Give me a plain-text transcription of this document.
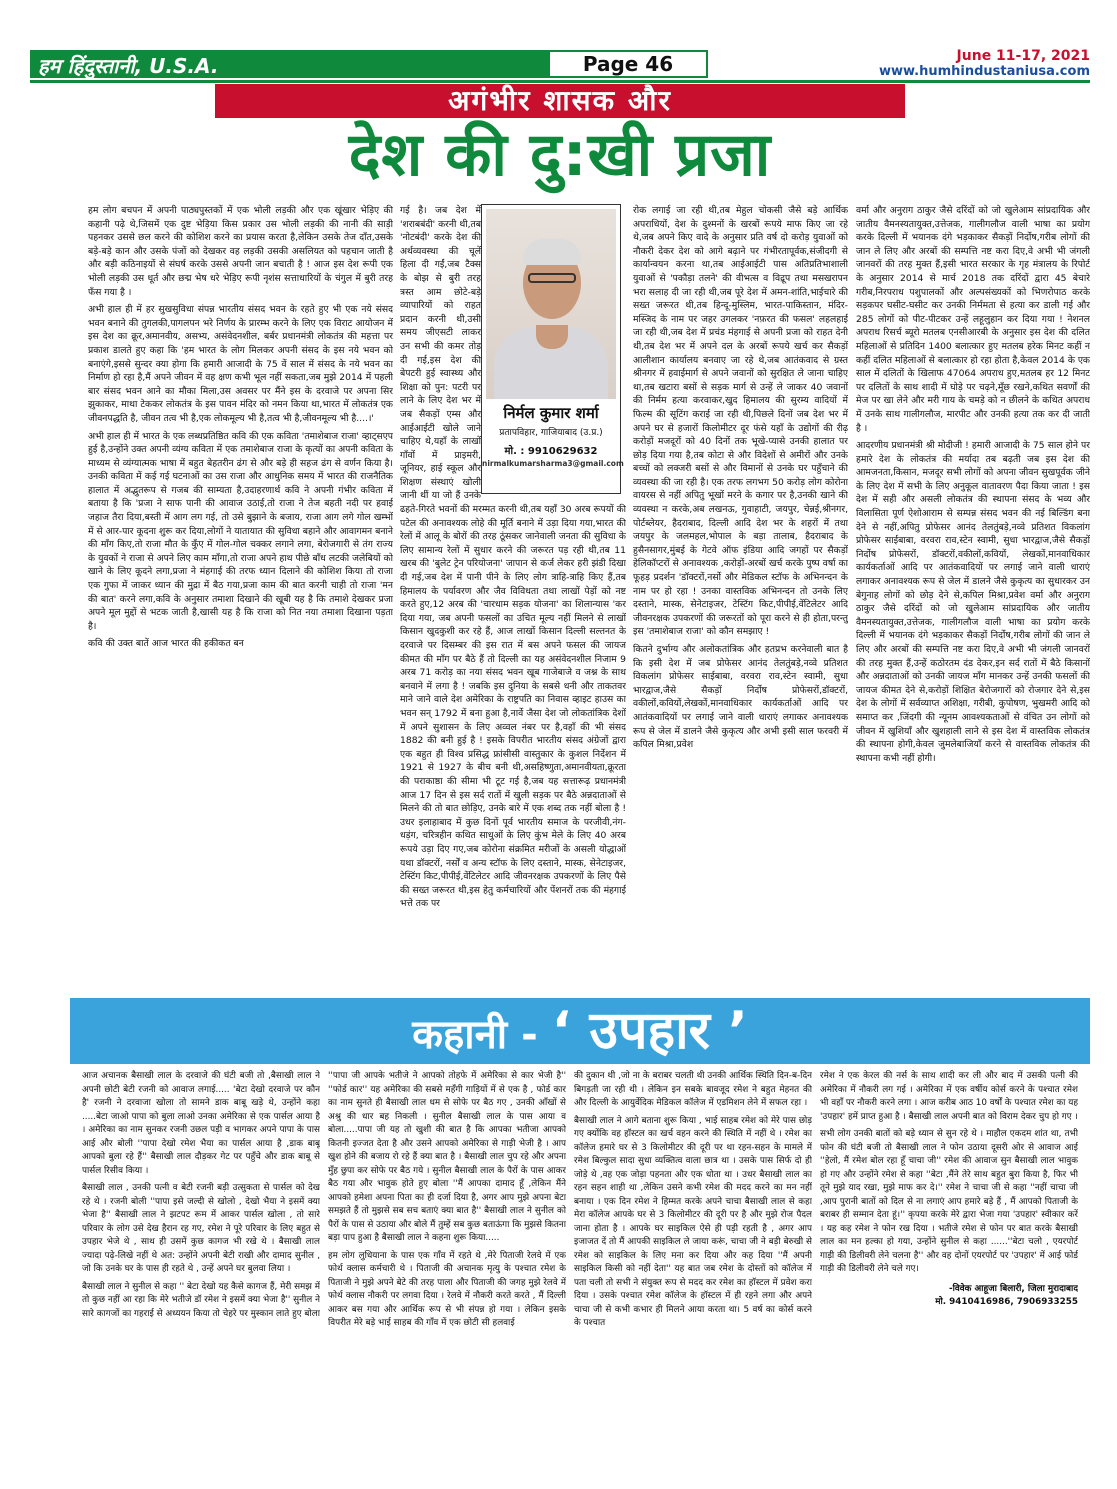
हम हिंदुस्तानी, U.S.A.	Page 46	June 11-17, 2021
www.humhindustaniusa.com
अगंभीर शासक और
देश की दु:खी प्रजा

हम लोग बचपन में अपनी पाठ्यपुस्तकों में एक भोली लड़की और एक खूंखार भेड़िए की कहानी पढ़े थे,जिसमें एक दुष्ट भेड़िया किस प्रकार उस भोली लड़की की नानी की साड़ी पहनकर उससे छल करने की कोशिश करने का प्रयास करता है,लेकिन उसके तेज दाँत,उसके बड़े-बड़े कान और उसके पंजों को देखकर वह लड़की उसकी असलियत को पहचान जाती है और बड़ी कठिनाइयों से संघर्ष करके उससे अपनी जान बचाती है ! आज इस देश रूपी एक भोली लड़की उस धूर्त और छद्म भेष धरे भेड़िए रूपी नृशंस सत्ताधारियों के चंगुल में बुरी तरह फँस गया है ।

अभी हाल ही में हर सुखसुविधा संपन्न भारतीय संसद भवन के रहते हुए भी एक नये संसद भवन बनाने की तुगलकी,पागलपन भरे निर्णय के प्रारम्भ करने के लिए एक विराट आयोजन में इस देश का क्रूर,अमानवीय, असभ्य, असंवेदनशील, बर्बर प्रधानमंत्री लोकतंत्र की महत्ता पर प्रकाश डालते हुए कहा कि 'हम भारत के लोग मिलकर अपनी संसद के इस नये भवन को बनाएंगे,इससे सुन्दर क्या होगा कि हमारी आजादी के 75 वें साल में संसद के नये भवन का निर्माण हो रहा है,मैं अपने जीवन में वह क्षण कभी भूल नहीं सकता,जब मुझे 2014 में पहली बार संसद भवन आने का मौका मिला,उस अवसर पर मैंने इस के दरवाजे पर अपना सिर झुकाकर, माथा टेककर लोकतंत्र के इस पावन मंदिर को नमन किया था,भारत में लोकतंत्र एक जीवनपद्धति है, जीवन तत्व भी है,एक लोकमूल्य भी है,तत्व भी है,जीवनमूल्य भी है....।'

अभी हाल ही में भारत के एक लब्धप्रतिष्ठित कवि की एक कविता 'तमाशेबाज राजा' व्हाट्सएप हुई है,उन्होंने उक्त अपनी व्यंग्य कविता में एक तमाशेबाज राजा के कृत्यों का अपनी कविता के माध्यम से व्यंग्यात्मक भाषा में बहुत बेहतरीन ढंग से और बड़े ही सहज ढंग से वर्णन किया है। उनकी कविता में कई गई घटनाओं का उस राजा और आधुनिक समय में भारत की राजनैतिक हालात में अद्भुतरूप से गजब की साम्यता है,उदाहरणार्थ कवि ने अपनी गंभीर कविता में बताया है कि 'प्रजा ने साफ पानी की आवाज उठाई,तो राजा ने तेज बहती नदी पर हवाई जहाज तैरा दिया,बस्ती में आग लग गई, तो उसे बुझाने के बजाय, राजा आग लगे गोल खम्भों में से आर-पार कूदना शुरू कर दिया,लोगों ने यातायात की सुविधा बहाने और आवागमन बनाने की माँग किए,तो राजा मौत के कुँए में गोल-गोल चक्कर लगाने लगा, बेरोजगारी से तंग राज्य के युवकों ने राजा से अपने लिए काम माँगा,तो राजा अपने हाथ पीछे बाँध लटकी जलेबियों को खाने के लिए कूदने लगा,प्रजा ने मंहगाई की तरफ ध्यान दिलाने की कोशिश किया तो राजा एक गुफा में जाकर ध्यान की मुद्रा में बैठ गया,प्रजा काम की बात करनी चाही तो राजा 'मन की बात' करने लगा,कवि के अनुसार तमाशा दिखाने की खूबी यह है कि तमाशे देखकर प्रजा अपने मूल मुद्दों से भटक जाती है,खासी यह है कि राजा को नित नया तमाशा दिखाना पड़ता है।

कवि की उक्त बातें आज भारत की हकीकत बन

गई है। जब देश में 'शराबबंदी' करनी थी,तब 'नोटबंदी' करके देश की अर्थव्यवस्था की चूलें हिला दी गईं,जब टैक्स के बोझ से बुरी तरह त्रस्त आम छोटे-बड़े व्यापारियों को राहत प्रदान करनी थी,उसी समय जीएसटी लाकर उन सभी की कमर तोड़ दी गई,इस देश की बेपटरी हुई स्वास्थ्य और शिक्षा को पुन: पटरी पर लाने के लिए देश भर में जब सैकड़ों एम्स और आईआईटी खोले जाने चाहिए थे,यहाँ के लाखों गाँवों में प्राइमरी, जूनियर, हाई स्कूल और शिक्षण संस्थाएं खोली जानी थीं या जो हैं उनके ढहते-गिरते भवनों की मरम्मत करनी थी,तब यहाँ 30 अरब रूपयों की पटेल की अनावश्यक लोहे की मूर्ति बनाने में उड़ा दिया गया,भारत की रेलों में आलू के बोरों की तरह ठूंसकर जानेवाली जनता की सुविधा के लिए सामान्य रेलों में सुधार करने की जरूरत पड़ रही थी,तब 11 खरब की 'बुलेट ट्रेन परियोजना' जापान से कर्ज लेकर हरी झंडी दिखा दी गई,जब देश में पानी पीने के लिए लोग त्राहि-त्राहि किए हैं,तब हिमालय के पर्यावरण और जैव विविधता तथा लाखों पेड़ों को नष्ट करते हुए,12 अरब की 'चारधाम सड़क योजना' का शिलान्यास 'कर दिया गया, जब अपनी फसलों का उचित मूल्य नहीं मिलने से लाखों किसान खुदकुशी कर रहे हैं, आज लाखों किसान दिल्ली सल्तनत के दरवाजे पर दिसम्बर की इस रात में बस अपने फसल की जायज कीमत की माँग पर बैठे हैं तो दिल्ली का यह असंवेदनशील निजाम 9 अरब 71 करोड़ का नया संसद भवन खूब गाजेबाजे व जश्न के साथ बनवाने में लगा है ! जबकि इस दुनिया के सबसे धनी और ताकतवर माने जाने वाले देश अमेरिका के राष्ट्रपति का निवास व्हाइट हाउस का भवन सन् 1792 में बना हुआ है,नार्वे जैसा देश जो लोकतांत्रिक देशों में अपने सुशासन के लिए अव्वल नंबर पर है,वहाँ की भी संसद 1882 की बनी हुई है ! इसके विपरीत भारतीय संसद अंग्रेजों द्वारा एक बहुत ही विश्व प्रसिद्ध फ्रांसीसी वास्तुकार के कुशल निर्देशन में 1921 से 1927 के बीच बनी थी,असहिष्णुता,अमानवीयता,क्रूरता की पराकाष्ठा की सीमा भी टूट गई है,जब यह सत्तारूढ़ प्रधानमंत्री आज 17 दिन से इस सर्द रातों में खुली सड़क पर बैठे अन्नदाताओं से मिलने की तो बात छोड़िए, उनके बारे में एक शब्द तक नहीं बोला है ! उधर इलाहाबाद में कुछ दिनों पूर्व भारतीय समाज के परजीवी,नंग-धड़ंग, चरित्रहीन कथित साधुओं के लिए कुंभ मेले के लिए 40 अरब रूपये उड़ा दिए गए,जब कोरोना संक्रमित मरीजों के असली योद्धाओं यथा डॉक्टरों, नर्सों व अन्य स्टॉफ के लिए दस्ताने, मास्क, सेनेटाइजर, टेस्टिंग किट,पीपीई,वेंटिलेटर आदि जीवनरक्षक उपकरणों के लिए पैसे की सख्त जरूरत थी,इस हेतु कर्मचारियों और पेंशनरों तक की मंहगाई भत्ते तक पर

निर्मल कुमार शर्मा
प्रतापविहार, गाजियाबाद (उ.प्र.)
मो. : 9910629632
nirmalkumarsharma3@gmail.com

रोक लगाई जा रही थी,तब मेहुल चोकसी जैसे बड़े आर्थिक अपराधियों, देश के दुश्मनों के खरबों रूपये माफ किए जा रहे थे,जब अपने किए वादे के अनुसार प्रति वर्ष दो करोड़ युवाओं को नौकरी देकर देश को आगे बढ़ाने पर गंभीरतापूर्वक,संजीदगी से कार्यान्वयन करना था,तब आईआईटी पास अतिप्रतिभाशाली युवाओं से 'पकौड़ा तलने' की वीभत्स व विद्रूप तथा मसखरापन भरा सलाह दी जा रही थी,जब पूरे देश में अमन-शांति,भाईचारे की सख्त जरूरत थी,तब हिन्दू-मुस्लिम, भारत-पाकिस्तान, मंदिर-मस्जिद के नाम पर जहर उगलकर 'नफ़रत की फसल' लहलहाई जा रही थी,जब देश में प्रचंड मंहगाई से अपनी प्रजा को राहत देनी थी,तब देश भर में अपने दल के अरबों रूपये खर्च कर सैकड़ों आलीशान कार्यालय बनवाए जा रहे थे,जब आतंकवाद से ग्रस्त श्रीनगर में हवाईमार्ग से अपने जवानों को सुरक्षित ले जाना चाहिए था,तब खटारा बसों से सड़क मार्ग से उन्हें ले जाकर 40 जवानों की निर्मम हत्या करवाकर,खुद हिमालय की सुरम्य वादियों में फिल्म की सूटिंग कराई जा रही थी,पिछले दिनों जब देश भर में अपने घर से हजारों किलोमीटर दूर फंसे यहाँ के उद्योगों की रीढ़ करोड़ों मजदूरों को 40 दिनों तक भूखे-प्यासे उनकी हालात पर छोड़ दिया गया है,तब कोटा से और विदेशों से अमीरों और उनके बच्चों को लक्जरी बसों से और विमानों से उनके घर पहुँचाने की व्यवस्था की जा रही है। एक तरफ लगभग 50 करोड़ लोग कोरोना वायरस से नहीं अपितु भूखों मरने के कगार पर है,उनकी खाने की व्यवस्था न करके,अब लखनऊ, गुवाहाटी, जयपुर, चेन्नई,श्रीनगर, पोर्टब्लेयर, हैदराबाद, दिल्ली आदि देश भर के शहरों में तथा जयपुर के जलमहल,भोपाल के बड़ा तालाब, हैदराबाद के हुसैनसागर,मुंबई के गेटवे ऑफ इंडिया आदि जगहों पर सैकड़ों हेलिकॉप्टरों से अनावश्यक ,करोड़ों-अरबों खर्च करके पुष्प वर्षा का फूहड़ प्रदर्शन 'डॉक्टरों,नर्सो और मेडिकल स्टॉफ के अभिनन्दन के नाम पर हो रहा ! उनका वास्तविक अभिनन्दन तो उनके लिए दस्ताने, मास्क, सेनेटाइजर, टेस्टिंग किट,पीपीई,वेंटिलेटर आदि जीवनरक्षक उपकरणों की जरूरतों को पूरा करने से ही होता,परन्तु इस 'तमाशेबाज राजा' को कौन समझाए !

कितने दुर्भाग्य और अलोकतांत्रिक और हतप्रभ करनेवाली बात है कि इसी देश में जब प्रोफेसर आनंद तेलतुंबड़े,नव्वे प्रतिशत विकलांग प्रोफेसर साईबाबा, वरवरा राव,स्टेन स्वामी, सुधा भारद्वाज,जैसे सैकड़ों निर्दोष प्रोफेसरों,डॉक्टरों, वकीलों,कवियों,लेखकों,मानवाधिकार कार्यकर्ताओं आदि पर आतंकवादियों पर लगाई जाने वाली धाराएं लगाकर अनावश्यक रूप से जेल में डालने जैसे कुकृत्य और अभी इसी साल फरवरी में कपिल मिश्रा,प्रवेश

वर्मा और अनुराग ठाकुर जैसे दरिंदों को जो खुलेआम सांप्रदायिक और जातीय वैमनस्यतायुक्त,उत्तेजक, गालीगलौज वाली भाषा का प्रयोग करके दिल्ली में भयानक दंगे भड़काकर सैकड़ों निर्दोष,गरीब लोगों की जान ले लिए और अरबों की सम्पत्ति नष्ट करा दिए,वे अभी भी जंगली जानवरों की तरह मुक्त हैं,इसी भारत सरकार के गृह मंत्रालय के रिपोर्ट के अनुसार 2014 से मार्च 2018 तक दरिंदों द्वारा 45 बेचारे गरीब,निरपराध पशुपालकों और अल्पसंख्यकों को भिणरोपाठ करके सड़कपर घसीट-घसीट कर उनकी निर्ममता से हत्या कर डाली गई और 285 लोगों को पीट-पीटकर उन्हें लहूलुहान कर दिया गया ! नेशनल अपराध रिसर्च ब्यूरो मतलब एनसीआरबी के अनुसार इस देश की दलित महिलाओं से प्रतिदिन 1400 बलात्कार हुए मतलब हरेक मिनट कहीं न कहीं दलित महिलाओं से बलात्कार हो रहा होता है,केवल 2014 के एक साल में दलितों के खिलाफ 47064 अपराध हुए,मतलब हर 12 मिनट पर दलितों के साथ शादी में घोड़े पर चढ़ने,मूँछ रखने,कथित सवर्णों की मेज पर खा लेने और मरी गाय के चमड़े को न छीलने के कथित अपराध में उनके साथ गालीगलौज, मारपीट और उनकी हत्या तक कर दी जाती है ।

आदरणीय प्रधानमंत्री श्री मोदीजी ! हमारी आजादी के 75 साल होने पर हमारे देश के लोकतंत्र की मर्यादा तब बढ़ती जब इस देश की आमजनता,किसान, मजदूर सभी लोगों को अपना जीवन सुखपूर्वक जीने के लिए देश में सभी के लिए अनुकूल वातावरण पैदा किया जाता ! इस देश में सही और असली लोकतंत्र की स्थापना संसद के भव्य और विलासिता पूर्ण ऐशोआराम से सम्पन्न संसद भवन की नई बिल्डिंग बना देने से नहीं,अपितु प्रोफेसर आनंद तेलतुंबड़े,नव्वे प्रतिशत विकलांग प्रोफेसर साईबाबा, वरवरा राव,स्टेन स्वामी, सुधा भारद्वाज,जैसे सैकड़ों निर्दोष प्रोफेसरों, डॉक्टरों,वकीलों,कवियों, लेखकों,मानवाधिकार कार्यकर्ताओं आदि पर आतंकवादियों पर लगाई जाने वाली धाराएं लगाकर अनावश्यक रूप से जेल में डालने जैसे कुकृत्य का सुधारकर उन बेगुनाह लोगों को छोड़ देने से,कपिल मिश्रा,प्रवेश वर्मा और अनुराग ठाकुर जैसे दरिंदों को जो खुलेआम सांप्रदायिक और जातीय वैमनस्यतायुक्त,उत्तेजक, गालीगलौज वाली भाषा का प्रयोग करके दिल्ली में भयानक दंगे भड़काकर सैकड़ों निर्दोष,गरीब लोगों की जान ले लिए और अरबों की सम्पत्ति नष्ट करा दिए,वे अभी भी जंगली जानवरों की तरह मुक्त हैं,उन्हें कठोरतम दंड देकर,इन सर्द रातों में बैठे किसानों और अन्नदाताओं को उनकी जायज माँग मानकर उन्हें उनकी फसलों की जायज कीमत देने से,करोड़ों शिक्षित बेरोजगारों को रोजगार देने से,इस देश के लोगों में सर्वव्याप्त अशिक्षा, गरीबी, कुपोषण, भुखमरी आदि को समाप्त कर ,जिंदगी की न्यूनम आवश्यकताओं से वंचित उन लोगों को जीवन में खुशियाँ और खुशहाली लाने से इस देश में वास्तविक लोकतंत्र की स्थापना होगी,केवल जुमलेबाजियाँ करने से वास्तविक लोकतंत्र की स्थापना कभी नहीं होगी।

कहानी - ‘ उपहार ’

आज अचानक बैसाखी लाल के दरवाजे की घंटी बजी तो ,बैसाखी लाल ने अपनी छोटी बेटी रजनी को आवाज लगाई..... 'बेटा देखो दरवाजे पर कौन है' रजनी ने दरवाजा खोला तो सामने डाक बाबू खड़े थे, उन्होंने कहा .....बेटा जाओ पापा को बुला लाओ उनका अमेरिका से एक पार्सल आया है । अमेरिका का नाम सुनकर रजनी उछल पड़ी व भागकर अपने पापा के पास आई और बोली ''पापा देखो रमेश भैया का पार्सल आया है ,डाक बाबू आपको बुला रहे हैं'' बैसाखी लाल दौड़कर गेट पर पहुँचे और डाक बाबू से पार्सल रिसीव किया ।

बैसाखी लाल , उनकी पत्नी व बेटी रजनी बड़ी उत्सुकता से पार्सल को देख रहे थे । रजनी बोली ''पापा इसे जल्दी से खोलो , देखो भैया ने इसमें क्या भेजा है'' बैसाखी लाल ने झटपट रूम में आकर पार्सल खोला , तो सारे परिवार के लोग उसे देख हैरान रह गए, रमेश ने पूरे परिवार के लिए बहुत से उपहार भेजे थे , साथ ही उसमें कुछ कागज भी रखे थे । बैसाखी लाल ज्यादा पढ़े-लिखे नहीं थे अत: उन्होंने अपनी बेटी राखी और दामाद सुनील , जो कि उनके घर के पास ही रहते थे , उन्हें अपने घर बुलवा लिया ।

बैसाखी लाल ने सुनील से कहा '' बेटा देखो यह कैसे कागज हैं, मेरी समझ में तो कुछ नहीं आ रहा कि मेरे भतीजे डॉ रमेश ने इसमें क्या भेजा है'' सुनील ने सारे कागजों का गहराई से अध्ययन किया तो चेहरे पर मुस्कान लाते हुए बोला

''पापा जी आपके भतीजे ने आपको तोहफे में अमेरिका से कार भेजी है'' ''फोर्ड कार'' यह अमेरिका की सबसे महँगी गाड़ियों में से एक है , फोर्ड कार का नाम सुनते ही बैसाखी लाल धम से सोफे पर बैठ गए , उनकी आँखों से अश्रु की धार बह निकली । सुनील बैसाखी लाल के पास आया व बोला.....पापा जी यह तो खुशी की बात है कि आपका भतीजा आपको कितनी इज्जत देता है और उसने आपको अमेरिका से गाड़ी भेजी है । आप खुश होने की बजाय रो रहे हैं क्या बात है । बैसाखी लाल चुप रहे और अपना मुँह छुपा कर सोफे पर बैठ गये । सुनील बैसाखी लाल के पैरों के पास आकर बैठ गया और भावुक होते हुए बोला ''मैं आपका दामाद हूँ ,लेकिन मैंने आपको हमेशा अपना पिता का ही दर्जा दिया है, अगर आप मुझे अपना बेटा समझते हैं तो मुझसे सब सच बताएं क्या बात है'' बैसाखी लाल ने सुनील को पैरों के पास से उठाया और बोले मैं तुम्हें सब कुछ बताऊंगा कि मुझसे कितना बड़ा पाप हुआ है बैसाखी लाल ने कहना शुरू किया.....

हम लोग लुधियाना के पास एक गाँव में रहते थे ,मेरे पिताजी रेलवे में एक फोर्थ क्लास कर्मचारी थे । पिताजी की अचानक मृत्यु के पश्चात रमेश के पिताजी ने मुझे अपने बेटे की तरह पाला और पिताजी की जगह मुझे रेलवे में फोर्थ क्लास नौकरी पर लगवा दिया । रेलवे में नौकरी करते करते , मैं दिल्ली आकर बस गया और आर्थिक रूप से भी संपन्न हो गया । लेकिन इसके विपरीत मेरे बड़े भाई साहब की गाँव में एक छोटी सी हलवाई

की दुकान थी ,जो ना के बराबर चलती थी उनकी आर्थिक स्थिति दिन-ब-दिन बिगड़ती जा रही थी । लेकिन इन सबके बावजूद रमेश ने बहुत मेहनत की और दिल्ली के आयुर्वेदिक मेडिकल कॉलेज में एडमिशन लेने में सफल रहा ।

बैसाखी लाल ने आगे बताना शुरू किया , भाई साहब रमेश को मेरे पास छोड़ गए क्योंकि वह हॉस्टल का खर्च वहन करने की स्थिति में नहीं थे । रमेश का कॉलेज हमारे घर से 3 किलोमीटर की दूरी पर था रहन-सहन के मामले में रमेश बिल्कुल सादा सुधा व्यक्तित्व वाला छात्र था । उसके पास सिर्फ दो ही जोड़े थे ,वह एक जोड़ा पहनता और एक धोता था । उधर बैसाखी लाल का रहन सहन शाही था ,लेकिन उसने कभी रमेश की मदद करने का मन नहीं बनाया । एक दिन रमेश ने हिम्मत करके अपने चाचा बैसाखी लाल से कहा मेरा कॉलेज आपके घर से 3 किलोमीटर की दूरी पर है और मुझे रोज पैदल जाना होता है । आपके घर साइकिल ऐसे ही पड़ी रहती है , अगर आप इजाजत दें तो मैं आपकी साइकिल ले जाया करूं, चाचा जी ने बड़ी बेरुखी से रमेश को साइकिल के लिए मना कर दिया और कह दिया ''मैं अपनी साइकिल किसी को नहीं देता'' यह बात जब रमेश के दोस्तों को कॉलेज में पता चली तो सभी ने संयुक्त रूप से मदद कर रमेश का हॉस्टल में प्रवेश करा दिया । उसके पश्चात रमेश कॉलेज के हॉस्टल में ही रहने लगा और अपने चाचा जी से कभी कभार ही मिलने आया करता था। 5 वर्ष का कोर्स करने के पश्चात

रमेश ने एक केरल की नर्स के साथ शादी कर ली और बाद में उसकी पत्नी की अमेरिका में नौकरी लग गई । अमेरिका में एक वर्षीय कोर्स करने के पश्चात रमेश भी वहाँ पर नौकरी करने लगा । आज करीब आठ 10 वर्षों के पश्चात रमेश का यह 'उपहार' हमें प्राप्त हुआ है । बैसाखी लाल अपनी बात को विराम देकर चुप हो गए ।

सभी लोग उनकी बातों को बड़े ध्यान से सुन रहे थे । माहौल एकदम शांत था, तभी फोन की घंटी बजी तो बैसाखी लाल ने फोन उठाया दूसरी ओर से आवाज आई ''हेलो, मैं रमेश बोल रहा हूँ चाचा जी'' रमेश की आवाज सुन बैसाखी लाल भावुक हो गए और उन्होंने रमेश से कहा ''बेटा ,मैंने तेरे साथ बहुत बुरा किया है, फिर भी तूने मुझे याद रखा, मुझे माफ कर दे।'' रमेश ने चाचा जी से कहा ''नहीं चाचा जी ,आप पुरानी बातों को दिल से ना लगाएं आप हमारे बड़े हैं , मैं आपको पिताजी के बराबर ही सम्मान देता हूं।'' कृपया करके मेरे द्वारा भेजा गया 'उपहार' स्वीकार करें । यह कह रमेश ने फोन रख दिया । भतीजे रमेश से फोन पर बात करके बैसाखी लाल का मन हल्का हो गया, उन्होंने सुनील से कहा ......''बेटा चलो , एयरपोर्ट गाड़ी की डिलीवरी लेने चलना है'' और वह दोनों एयरपोर्ट पर 'उपहार' में आई फोर्ड गाड़ी की डिलीवरी लेने चले गए।

-विवेक आहूजा बिलारी, जिला मुरादाबाद
मो. 9410416986, 7906933255
